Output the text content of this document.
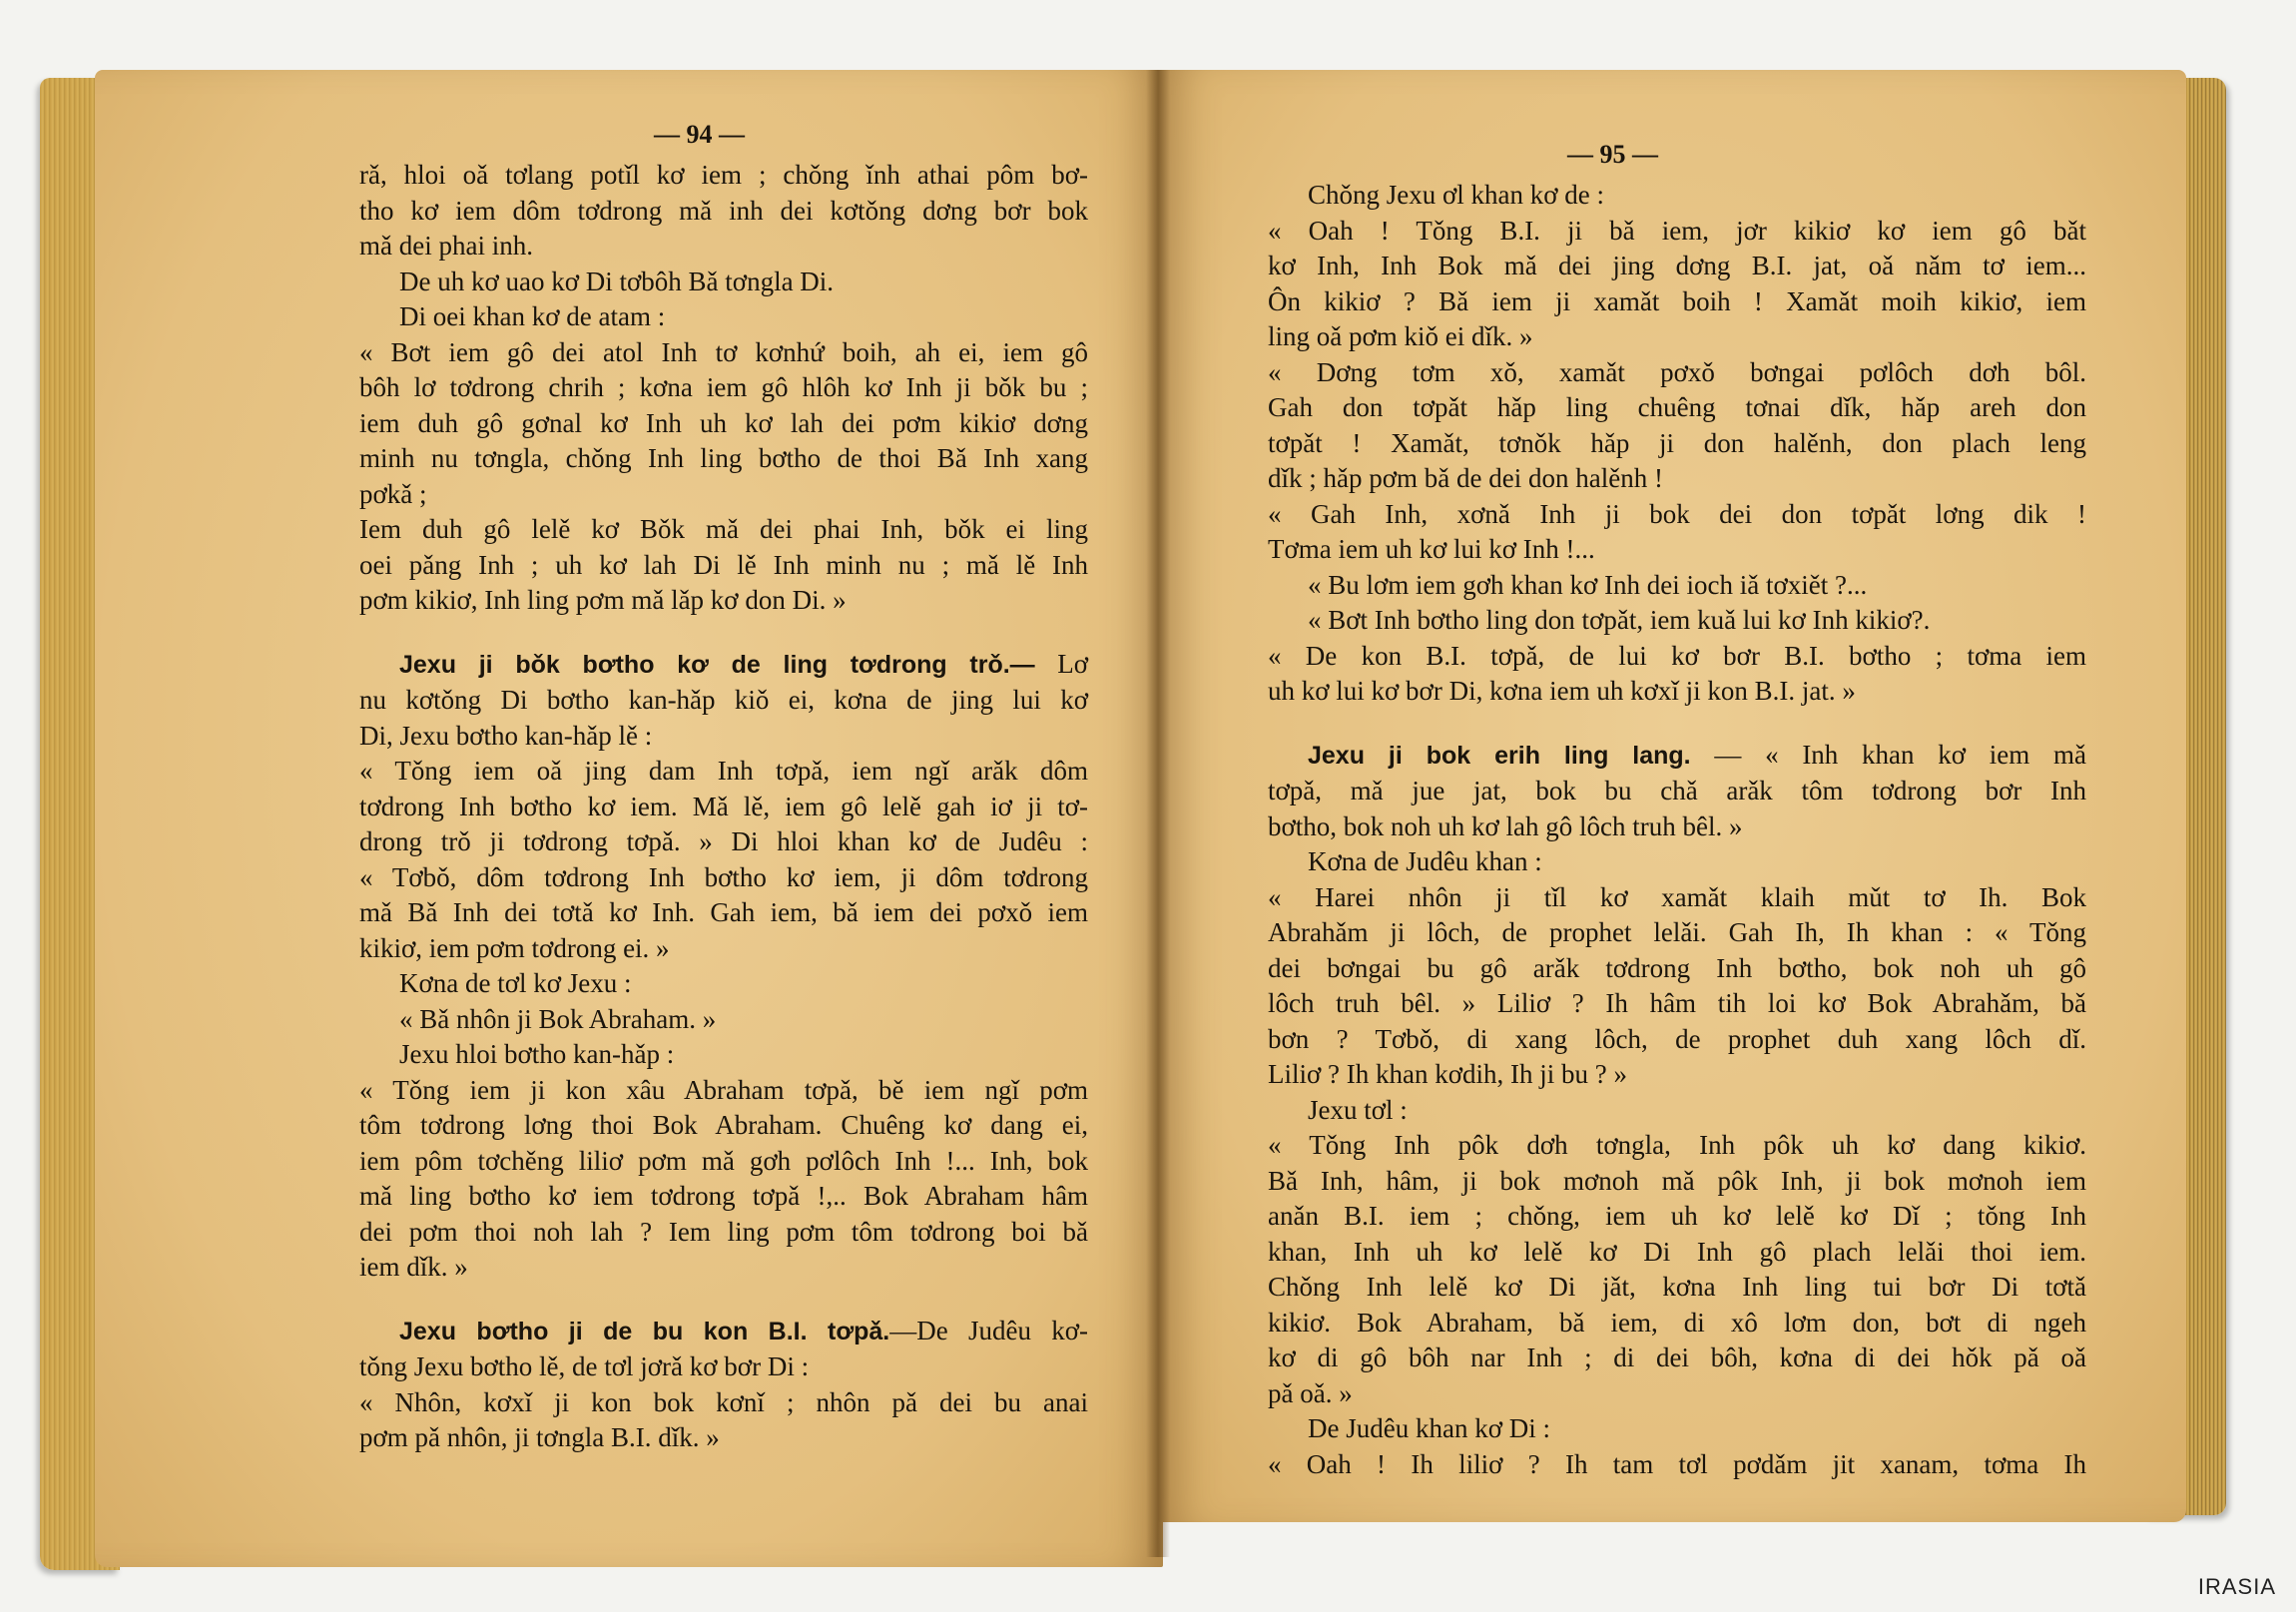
— 94 —
rǎ, hloi oǎ tơlang potǐl kơ iem ; chǒng ǐnh athai pôm bơ-
tho kơ iem dôm tơdrong mǎ inh dei kơtǒng dơng bơr bok
mǎ dei phai inh.
De uh kơ uao kơ Di tơbôh Bǎ tơngla Di.
Di oei khan kơ de atam :
« Bơt iem gô dei atol Inh tơ kơnhứ boih, ah ei, iem gô
bôh lơ tơdrong chrih ; kơna iem gô hlôh kơ Inh ji bǒk bu ;
iem duh gô gơnal kơ Inh uh kơ lah dei pơm kikiơ dơng
minh nu tơngla, chǒng Inh ling bơtho de thoi Bǎ Inh xang
pơkǎ ;
Iem duh gô lelě kơ Bǒk mǎ dei phai Inh, bǒk ei ling
oei pǎng Inh ; uh kơ lah Di lě Inh minh nu ; mǎ lě Inh
pơm kikiơ, Inh ling pơm mǎ lǎp kơ don Di. »
Jexu ji bǒk bơtho kơ de ling tơdrong trǒ.— Lơ
nu kơtǒng Di bơtho kan-hǎp kiǒ ei, kơna de jing lui kơ
Di, Jexu bơtho kan-hǎp lě :
« Tǒng iem oǎ jing dam Inh tơpǎ, iem ngǐ arǎk dôm
tơdrong Inh bơtho kơ iem. Mǎ lě, iem gô lelě gah iơ ji tơ-
drong trǒ ji tơdrong tơpǎ. » Di hloi khan kơ de Judêu :
« Tơbǒ, dôm tơdrong Inh bơtho kơ iem, ji dôm tơdrong
mǎ Bǎ Inh dei tơtǎ kơ Inh. Gah iem, bǎ iem dei pơxǒ iem
kikiơ, iem pơm tơdrong ei. »
Kơna de tơl kơ Jexu :
« Bǎ nhôn ji Bok Abraham. »
Jexu hloi bơtho kan-hǎp :
« Tǒng iem ji kon xâu Abraham tơpǎ, bě iem ngǐ pơm
tôm tơdrong lơng thoi Bok Abraham. Chuêng kơ dang ei,
iem pôm tơchěng liliơ pơm mǎ gơh pơlôch Inh !... Inh, bok
mǎ ling bơtho kơ iem tơdrong tơpǎ !,.. Bok Abraham hâm
dei pơm thoi noh lah ? Iem ling pơm tôm tơdrong boi bǎ
iem dǐk. »
Jexu bơtho ji de bu kon B.I. tơpǎ.—De Judêu kơ-
tǒng Jexu bơtho lě, de tơl jơrǎ kơ bơr Di :
« Nhôn, kơxǐ ji kon bok kơnǐ ; nhôn pǎ dei bu anai
pơm pǎ nhôn, ji tơngla B.I. dǐk. »
— 95 —
Chǒng Jexu ơl khan kơ de :
« Oah ! Tǒng B.I. ji bǎ iem, jơr kikiơ kơ iem gô bǎt
kơ Inh, Inh Bok mǎ dei jing dơng B.I. jat, oǎ nǎm tơ iem...
Ôn kikiơ ? Bǎ iem ji xamǎt boih ! Xamǎt moih kikiơ, iem
ling oǎ pơm kiǒ ei dǐk. »
« Dơng tơm xǒ, xamǎt pơxǒ bơngai pơlôch dơh bôl.
Gah don tơpǎt hǎp ling chuêng tơnai dǐk, hǎp areh don
tơpǎt ! Xamǎt, tơnǒk hǎp ji don halěnh, don plach leng
dǐk ; hǎp pơm bǎ de dei don halěnh !
« Gah Inh, xơnǎ Inh ji bok dei don tơpǎt lơng dik !
Tơma iem uh kơ lui kơ Inh !...
« Bu lơm iem gơh khan kơ Inh dei ioch iǎ tơxiět ?...
« Bơt Inh bơtho ling don tơpǎt, iem kuǎ lui kơ Inh kikiơ?.
« De kon B.I. tơpǎ, de lui kơ bơr B.I. bơtho ; tơma iem
uh kơ lui kơ bơr Di, kơna iem uh kơxǐ ji kon B.I. jat. »
Jexu ji bok erih ling lang. — « Inh khan kơ iem mǎ
tơpǎ, mǎ jue jat, bok bu chǎ arǎk tôm tơdrong bơr Inh
bơtho, bok noh uh kơ lah gô lôch truh bêl. »
Kơna de Judêu khan :
« Harei nhôn ji tǐl kơ xamǎt klaih mǔt tơ Ih. Bok
Abrahǎm ji lôch, de prophet lelǎi. Gah Ih, Ih khan : « Tǒng
dei bơngai bu gô arǎk tơdrong Inh bơtho, bok noh uh gô
lôch truh bêl. » Liliơ ? Ih hâm tih loi kơ Bok Abrahǎm, bǎ
bơn ? Tơbǒ, di xang lôch, de prophet duh xang lôch dǐ.
Liliơ ? Ih khan kơdih, Ih ji bu ? »
Jexu tơl :
« Tǒng Inh pôk dơh tơngla, Inh pôk uh kơ dang kikiơ.
Bǎ Inh, hâm, ji bok mơnoh mǎ pôk Inh, ji bok mơnoh iem
anǎn B.I. iem ; chǒng, iem uh kơ lelě kơ Dǐ ; tǒng Inh
khan, Inh uh kơ lelě kơ Di Inh gô plach lelǎi thoi iem.
Chǒng Inh lelě kơ Di jǎt, kơna Inh ling tui bơr Di tơtǎ
kikiơ. Bok Abraham, bǎ iem, di xô lơm don, bơt di ngeh
kơ di gô bôh nar Inh ; di dei bôh, kơna di dei hǒk pǎ oǎ
pǎ oǎ. »
De Judêu khan kơ Di :
« Oah ! Ih liliơ ? Ih tam tơl pơdǎm jit xanam, tơma Ih
IRASIA
